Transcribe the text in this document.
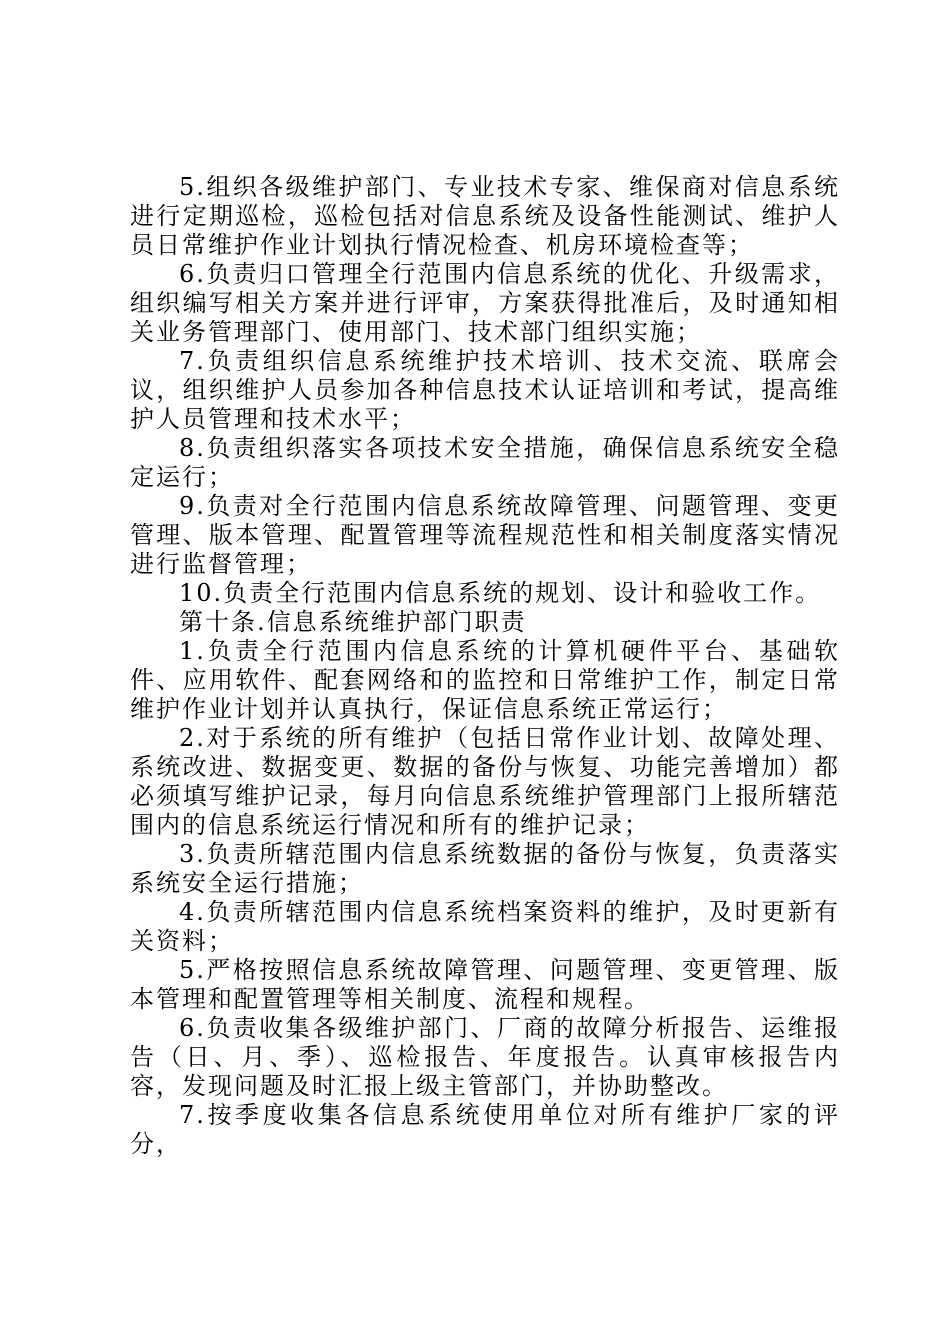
5.组织各级维护部门、专业技术专家、维保商对信息系统进行定期巡检，巡检包括对信息系统及设备性能测试、维护人员日常维护作业计划执行情况检查、机房环境检查等；

6.负责归口管理全行范围内信息系统的优化、升级需求，组织编写相关方案并进行评审，方案获得批准后，及时通知相关业务管理部门、使用部门、技术部门组织实施；

7.负责组织信息系统维护技术培训、技术交流、联席会议，组织维护人员参加各种信息技术认证培训和考试，提高维护人员管理和技术水平；

8.负责组织落实各项技术安全措施，确保信息系统安全稳定运行；

9.负责对全行范围内信息系统故障管理、问题管理、变更管理、版本管理、配置管理等流程规范性和相关制度落实情况进行监督管理；

10.负责全行范围内信息系统的规划、设计和验收工作。

第十条.信息系统维护部门职责

1.负责全行范围内信息系统的计算机硬件平台、基础软件、应用软件、配套网络和的监控和日常维护工作，制定日常维护作业计划并认真执行，保证信息系统正常运行；

2.对于系统的所有维护（包括日常作业计划、故障处理、系统改进、数据变更、数据的备份与恢复、功能完善增加）都必须填写维护记录，每月向信息系统维护管理部门上报所辖范围内的信息系统运行情况和所有的维护记录；

3.负责所辖范围内信息系统数据的备份与恢复，负责落实系统安全运行措施；

4.负责所辖范围内信息系统档案资料的维护，及时更新有关资料；

5.严格按照信息系统故障管理、问题管理、变更管理、版本管理和配置管理等相关制度、流程和规程。

6.负责收集各级维护部门、厂商的故障分析报告、运维报告（日、月、季）、巡检报告、年度报告。认真审核报告内容，发现问题及时汇报上级主管部门，并协助整改。

7.按季度收集各信息系统使用单位对所有维护厂家的评分，
